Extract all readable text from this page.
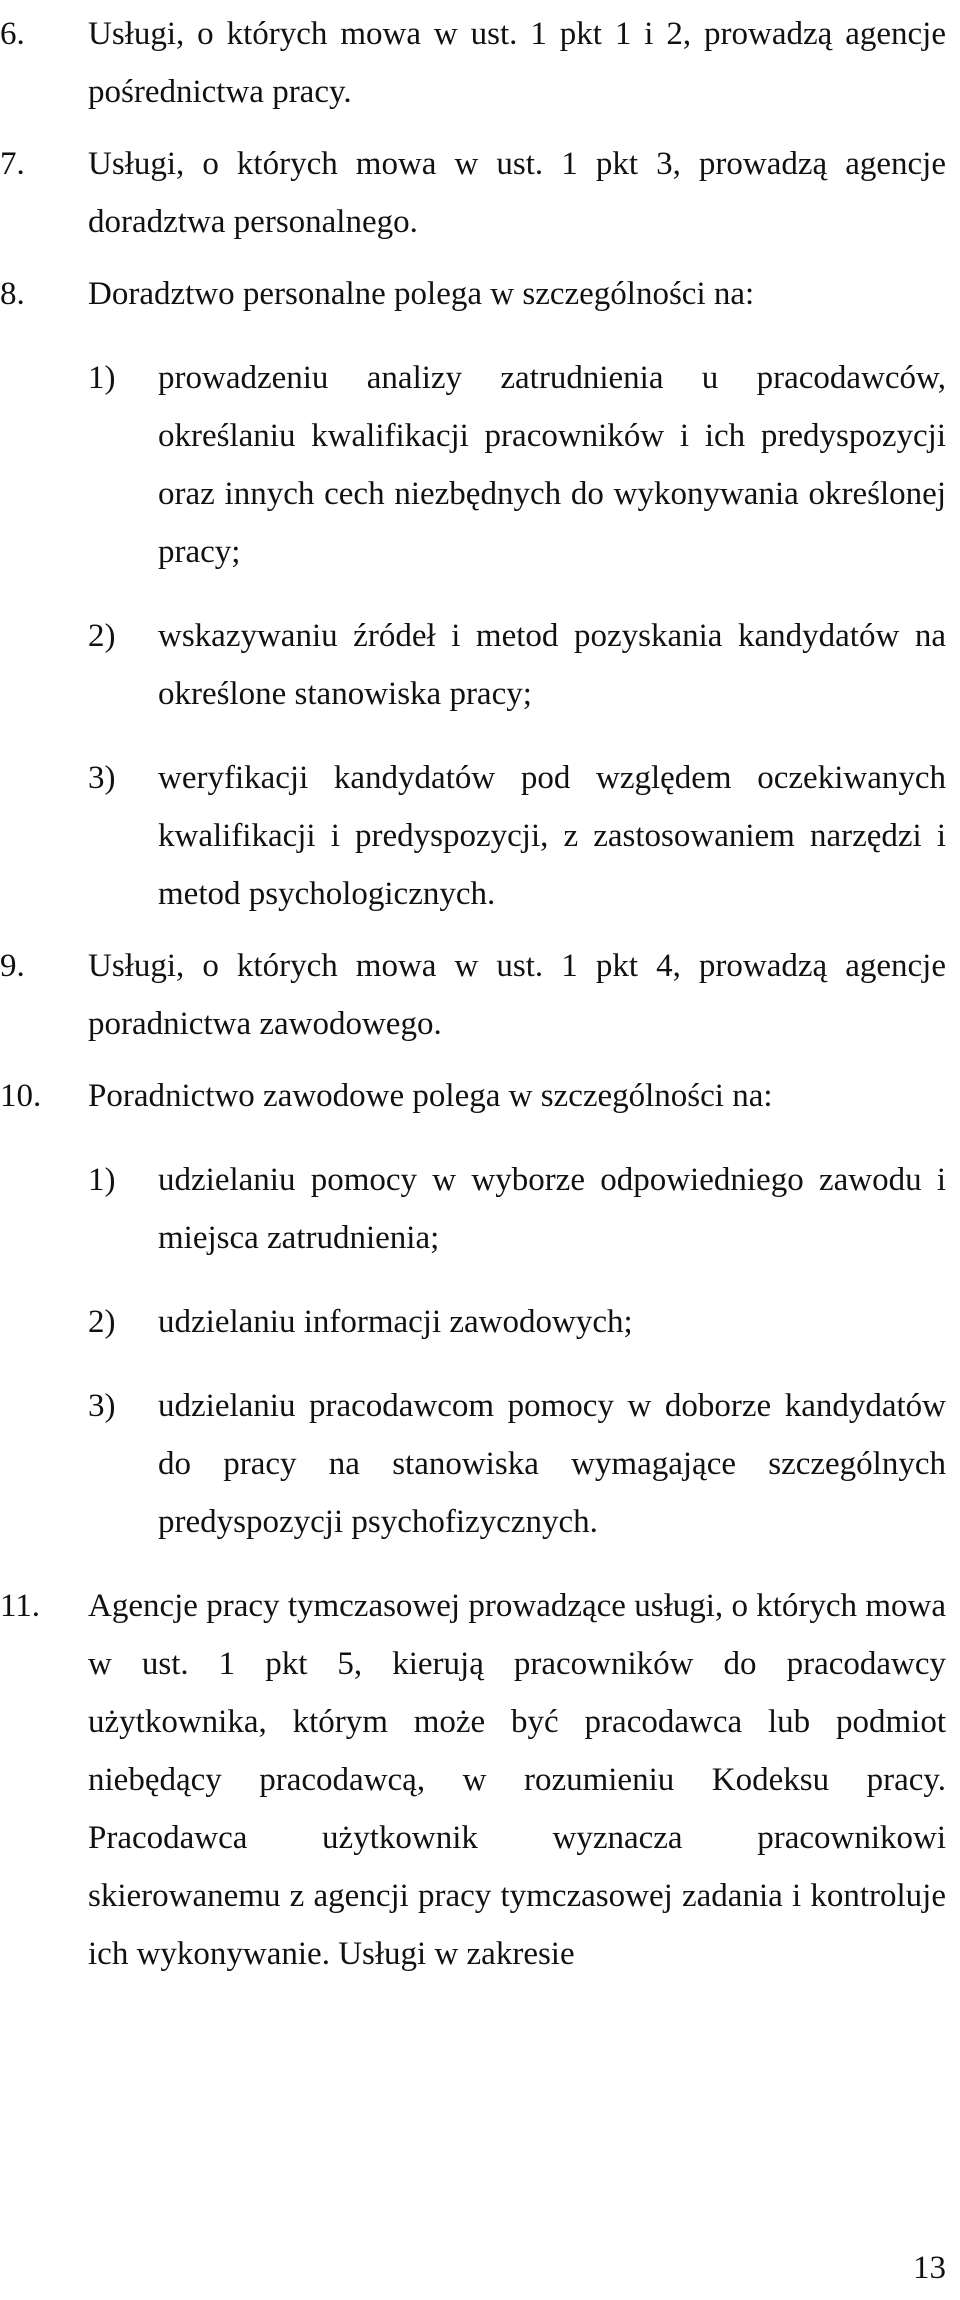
6.	Usługi, o których mowa w ust. 1 pkt 1 i 2, prowadzą agencje pośrednictwa pracy.
7.	Usługi, o których mowa w ust. 1 pkt 3, prowadzą agencje doradztwa personalnego.
8.	Doradztwo personalne polega w szczególności na:
1)	prowadzeniu analizy zatrudnienia u pracodawców, określaniu kwalifikacji pracowników i ich predyspozycji oraz innych cech niezbędnych do wykonywania określonej pracy;
2)	wskazywaniu źródeł i metod pozyskania kandydatów na określone stanowiska pracy;
3)	weryfikacji kandydatów pod względem oczekiwanych kwalifikacji i predyspozycji, z zastosowaniem narzędzi i metod psychologicznych.
9.	Usługi, o których mowa w ust. 1 pkt 4, prowadzą agencje poradnictwa zawodowego.
10.	Poradnictwo zawodowe polega w szczególności na:
1)	udzielaniu pomocy w wyborze odpowiedniego zawodu i miejsca zatrudnienia;
2)	udzielaniu informacji zawodowych;
3)	udzielaniu pracodawcom pomocy w doborze kandydatów do pracy na stanowiska wymagające szczególnych predyspozycji psychofizycznych.
11.	Agencje pracy tymczasowej prowadzące usługi, o których mowa w ust. 1 pkt 5, kierują pracowników do pracodawcy użytkownika, którym może być pracodawca lub podmiot niebędący pracodawcą, w rozumieniu Kodeksu pracy. Pracodawca użytkownik wyznacza pracownikowi skierowanemu z agencji pracy tymczasowej zadania i kontroluje ich wykonywanie. Usługi w zakresie
13
